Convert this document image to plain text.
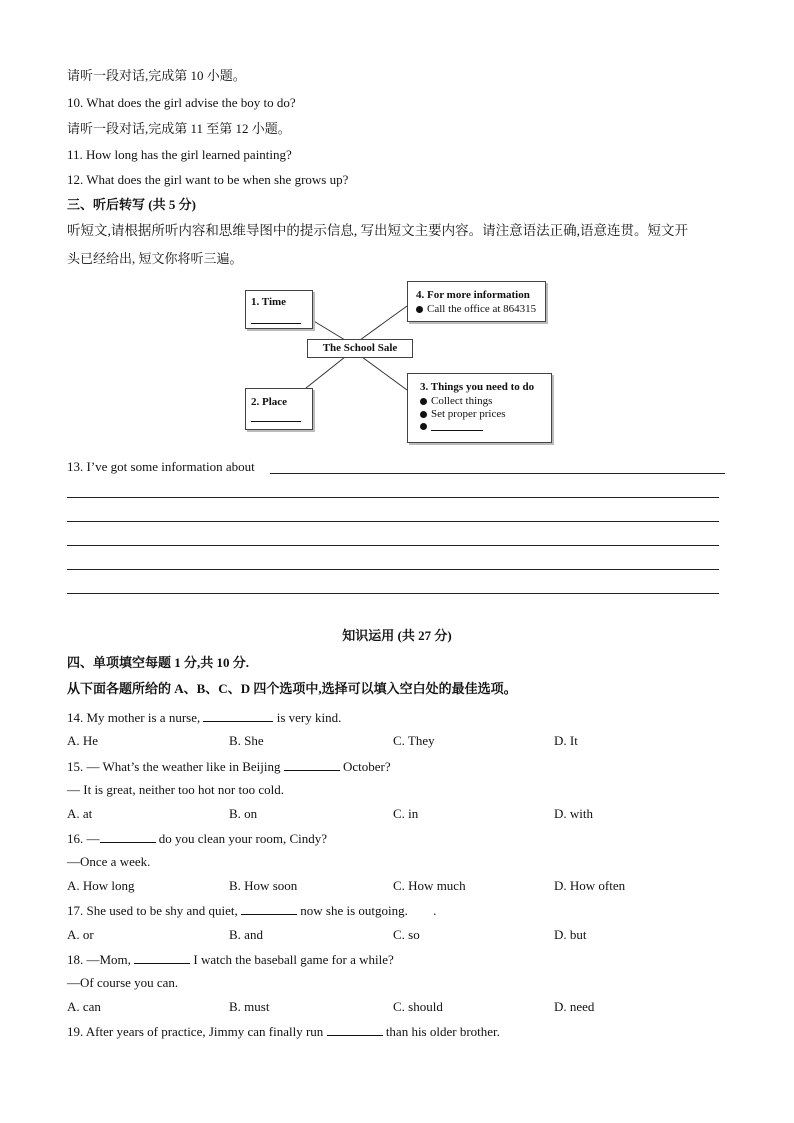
请听一段对话,完成第 10 小题。
10. What does the girl advise the boy to do?
请听一段对话,完成第 11 至第 12 小题。
11. How long has the girl learned painting?
12. What does the girl want to be when she grows up?
三、听后转写 (共 5 分)
听短文,请根据所听内容和思维导图中的提示信息, 写出短文主要内容。请注意语法正确,语意连贯。短文开
头已经给出, 短文你将听三遍。
1. Time
4. For more information
Call the office at 864315
The School Sale
2. Place
3. Things you need to do
Collect things
Set proper prices
13. I’ve got some information about
知识运用 (共 27 分)
四、单项填空每题 1 分,共 10 分.
从下面各题所给的 A、B、C、D 四个选项中,选择可以填入空白处的最佳选项。
14. My mother is a nurse,	is very kind.
A. He	B. She	C. They	D. It
15. — What’s the weather like in Beijing	October?
— It is great, neither too hot nor too cold.
A. at	B. on	C. in	D. with
16. —	do you clean your room, Cindy?
—Once a week.
A. How long	B. How soon	C. How much	D. How often
17. She used to be shy and quiet,	now she is outgoing. .
A. or	B. and	C. so	D. but
18. —Mom,	I watch the baseball game for a while?
—Of course you can.
A. can	B. must	C. should	D. need
19. After years of practice, Jimmy can finally run	than his older brother.
